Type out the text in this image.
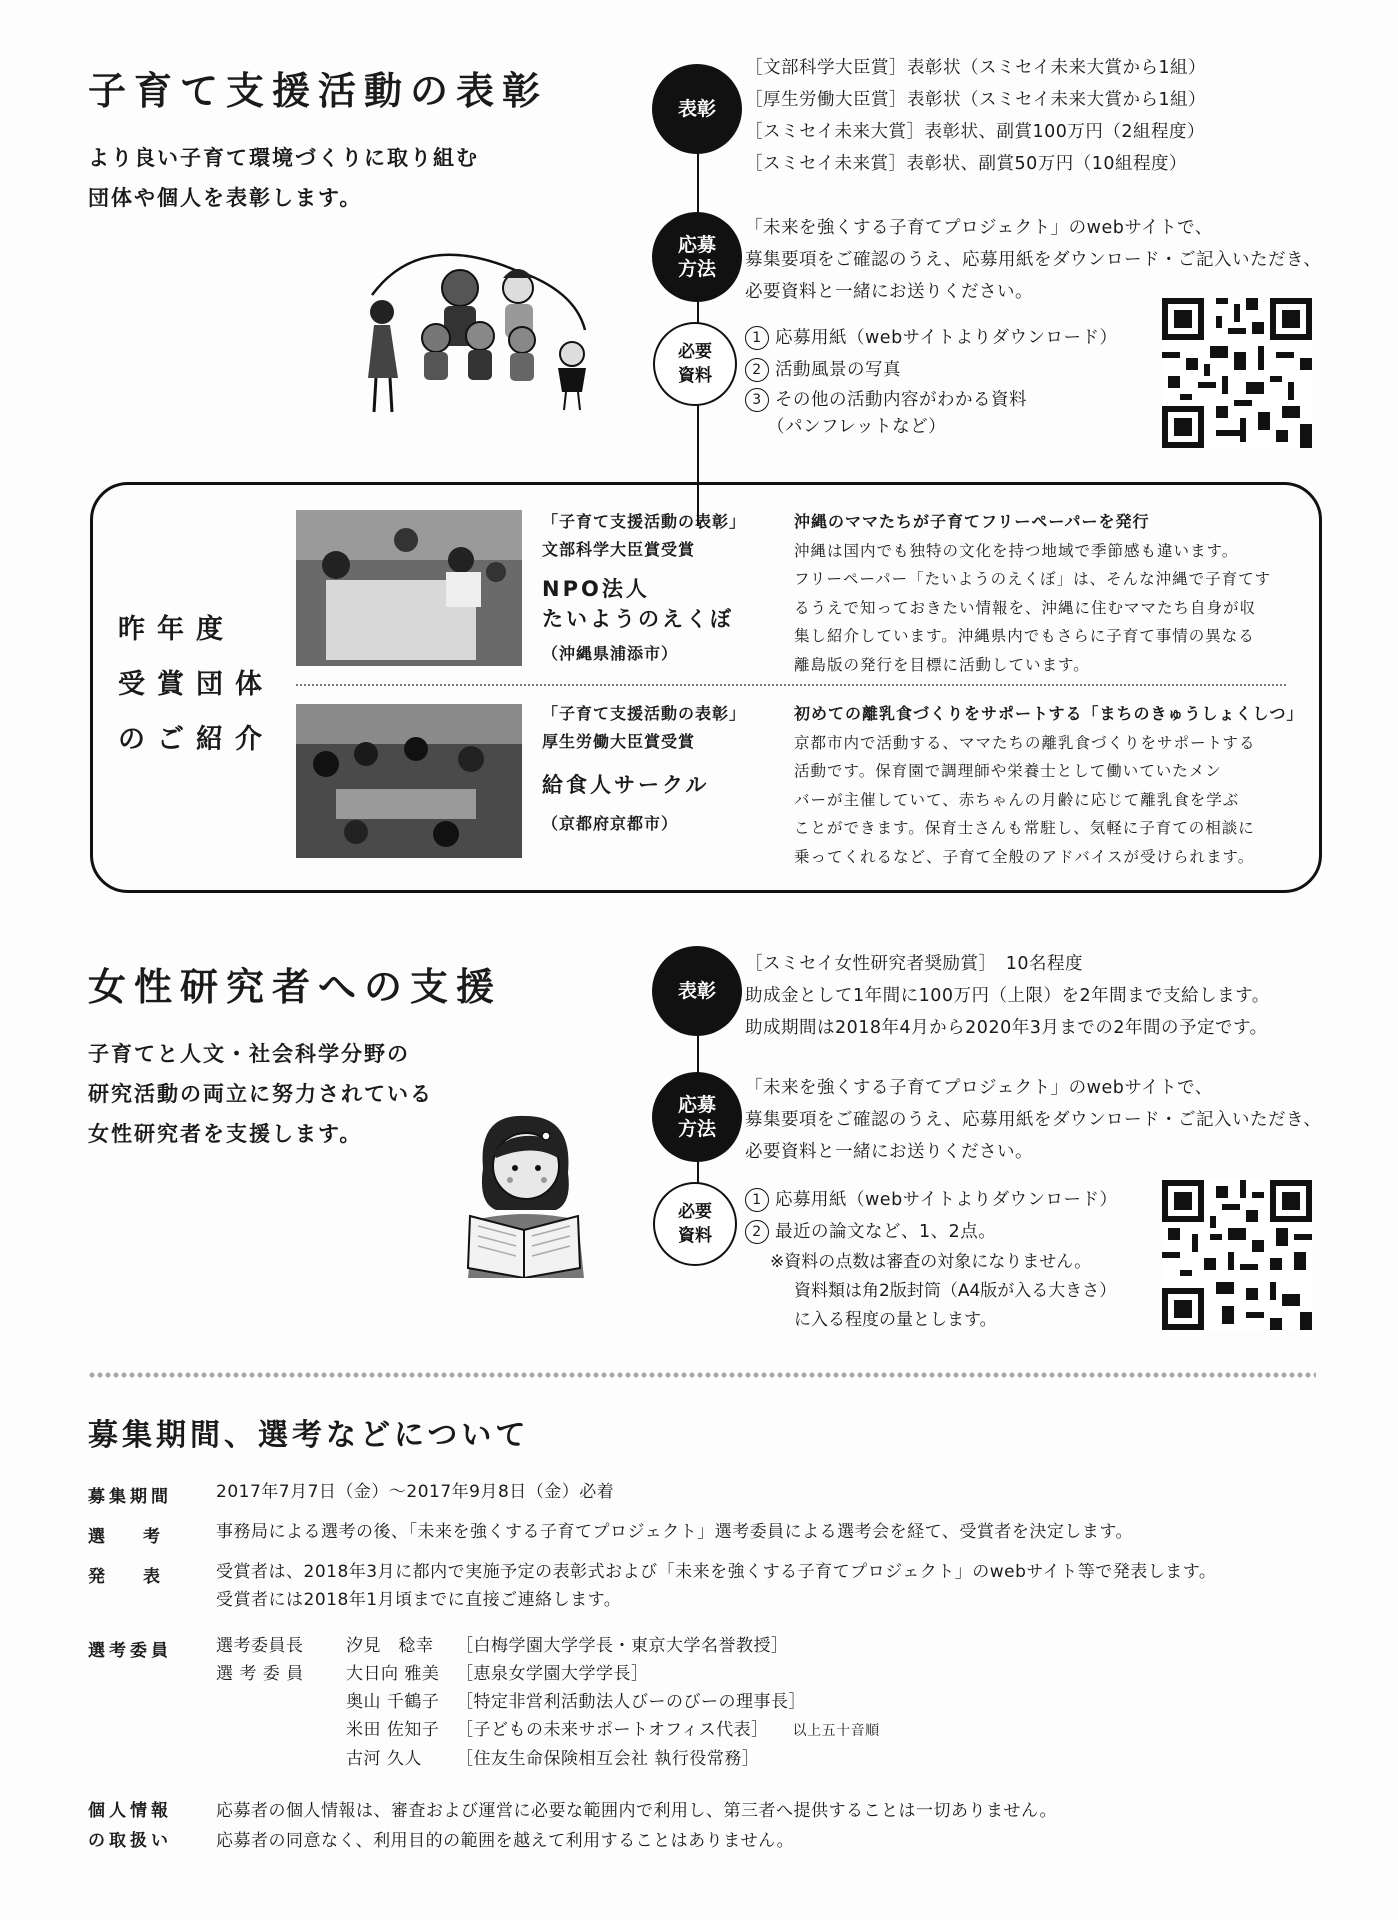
子育て支援活動の表彰
より良い子育て環境づくりに取り組む
団体や個人を表彰します。
表彰
［文部科学大臣賞］表彰状（スミセイ未来大賞から1組）
［厚生労働大臣賞］表彰状（スミセイ未来大賞から1組）
［スミセイ未来大賞］表彰状、副賞100万円（2組程度）
［スミセイ未来賞］表彰状、副賞50万円（10組程度）
応募
方法
「未来を強くする子育てプロジェクト」のwebサイトで、
募集要項をご確認のうえ、応募用紙をダウンロード・ご記入いただき、
必要資料と一緒にお送りください。
必要
資料
1 応募用紙（webサイトよりダウンロード）
2 活動風景の写真
3 その他の活動内容がわかる資料
（パンフレットなど）
昨年度
受賞団体
のご紹介
「子育て支援活動の表彰」
文部科学大臣賞受賞
NPO法人
たいようのえくぼ
（沖縄県浦添市）
沖縄のママたちが子育てフリーペーパーを発行
沖縄は国内でも独特の文化を持つ地域で季節感も違います。
フリーペーパー「たいようのえくぼ」は、そんな沖縄で子育てす
るうえで知っておきたい情報を、沖縄に住むママたち自身が収
集し紹介しています。沖縄県内でもさらに子育て事情の異なる
離島版の発行を目標に活動しています。
「子育て支援活動の表彰」
厚生労働大臣賞受賞
給食人サークル
（京都府京都市）
初めての離乳食づくりをサポートする「まちのきゅうしょくしつ」
京都市内で活動する、ママたちの離乳食づくりをサポートする
活動です。保育園で調理師や栄養士として働いていたメン
バーが主催していて、赤ちゃんの月齢に応じて離乳食を学ぶ
ことができます。保育士さんも常駐し、気軽に子育ての相談に
乗ってくれるなど、子育て全般のアドバイスが受けられます。
女性研究者への支援
子育てと人文・社会科学分野の
研究活動の両立に努力されている
女性研究者を支援します。
表彰
［スミセイ女性研究者奨励賞］　10名程度
助成金として1年間に100万円（上限）を2年間まで支給します。
助成期間は2018年4月から2020年3月までの2年間の予定です。
応募
方法
「未来を強くする子育てプロジェクト」のwebサイトで、
募集要項をご確認のうえ、応募用紙をダウンロード・ご記入いただき、
必要資料と一緒にお送りください。
必要
資料
1 応募用紙（webサイトよりダウンロード）
2 最近の論文など、1、2点。
※資料の点数は審査の対象になりません。
資料類は角2版封筒（A4版が入る大きさ）
に入る程度の量とします。
募集期間、選考などについて
募集期間	2017年7月7日（金）～2017年9月8日（金）必着
選考 事務局による選考の後、「未来を強くする子育てプロジェクト」選考委員による選考会を経て、受賞者を決定します。
発表 受賞者は、2018年3月に都内で実施予定の表彰式および「未来を強くする子育てプロジェクト」のwebサイト等で発表します。
受賞者には2018年1月頃までに直接ご連絡します。
選考委員	選考委員長	汐見　稔幸 ［白梅学園大学学長・東京大学名誉教授］
選 考 委 員 大日向 雅美 ［恵泉女学園大学学長］
奥山 千鶴子 ［特定非営利活動法人びーのびーの理事長］
米田 佐知子 ［子どもの未来サポートオフィス代表］ 以上五十音順
古河 久人 ［住友生命保険相互会社 執行役常務］
個人情報
の取扱い
応募者の個人情報は、審査および運営に必要な範囲内で利用し、第三者へ提供することは一切ありません。
応募者の同意なく、利用目的の範囲を越えて利用することはありません。
